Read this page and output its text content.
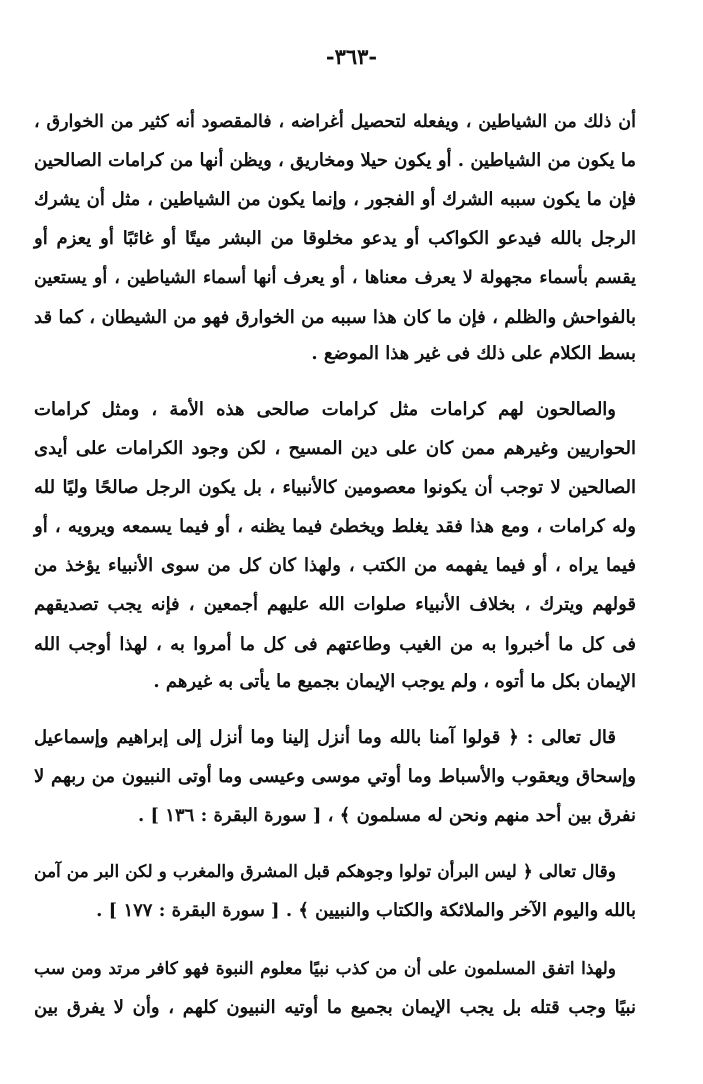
-٣٦٣-
أن ذلك من الشياطين ، ويفعله لتحصيل أغراضه ، فالمقصود أنه كثير من الخوارق ،
ما يكون من الشياطين . أو يكون حيلا ومخاريق ، ويظن أنها من كرامات الصالحين
فإن ما يكون سببه الشرك أو الفجور ، وإنما يكون من الشياطين ، مثل أن يشرك
الرجل بالله فيدعو الكواكب أو يدعو مخلوقا من البشر ميتًا أو غائبًا أو يعزم أو
يقسم بأسماء مجهولة لا يعرف معناها ، أو يعرف أنها أسماء الشياطين ، أو يستعين
بالفواحش والظلم ، فإن ما كان هذا سببه من الخوارق فهو من الشيطان ، كما قد
بسط الكلام على ذلك فى غير هذا الموضع .
والصالحون لهم كرامات مثل كرامات صالحى هذه الأمة ، ومثل كرامات
الحواريين وغيرهم ممن كان على دين المسيح ، لكن وجود الكرامات على أيدى
الصالحين لا توجب أن يكونوا معصومين كالأنبياء ، بل يكون الرجل صالحًا وليًا لله
وله كرامات ، ومع هذا فقد يغلط ويخطئ فيما يظنه ، أو فيما يسمعه ويرويه ، أو
فيما يراه ، أو فيما يفهمه من الكتب ، ولهذا كان كل من سوى الأنبياء يؤخذ من
قولهم ويترك ، بخلاف الأنبياء صلوات الله عليهم أجمعين ، فإنه يجب تصديقهم
فى كل ما أخبروا به من الغيب وطاعتهم فى كل ما أمروا به ، لهذا أوجب الله
الإيمان بكل ما أتوه ، ولم يوجب الإيمان بجميع ما يأتى به غيرهم .
قال تعالى : ﴿ قولوا آمنا بالله وما أنزل إلينا وما أنزل إلى إبراهيم وإسماعيل
وإسحاق ويعقوب والأسباط وما أوتي موسى وعيسى وما أوتى النبيون من ربهم لا
نفرق بين أحد منهم ونحن له مسلمون ﴾ ، [ سورة البقرة : ١٣٦ ] .
وقال تعالى ﴿ ليس البرأن تولوا وجوهكم قبل المشرق والمغرب و لكن البر من آمن
بالله واليوم الآخر والملائكة والكتاب والنبيين ﴾ . [ سورة البقرة : ١٧٧ ] .
ولهذا اتفق المسلمون على أن من كذب نبيًا معلوم النبوة فهو كافر مرتد ومن سب
نبيًا وجب قتله بل يجب الإيمان بجميع ما أوتيه النبيون كلهم ، وأن لا يفرق بين
